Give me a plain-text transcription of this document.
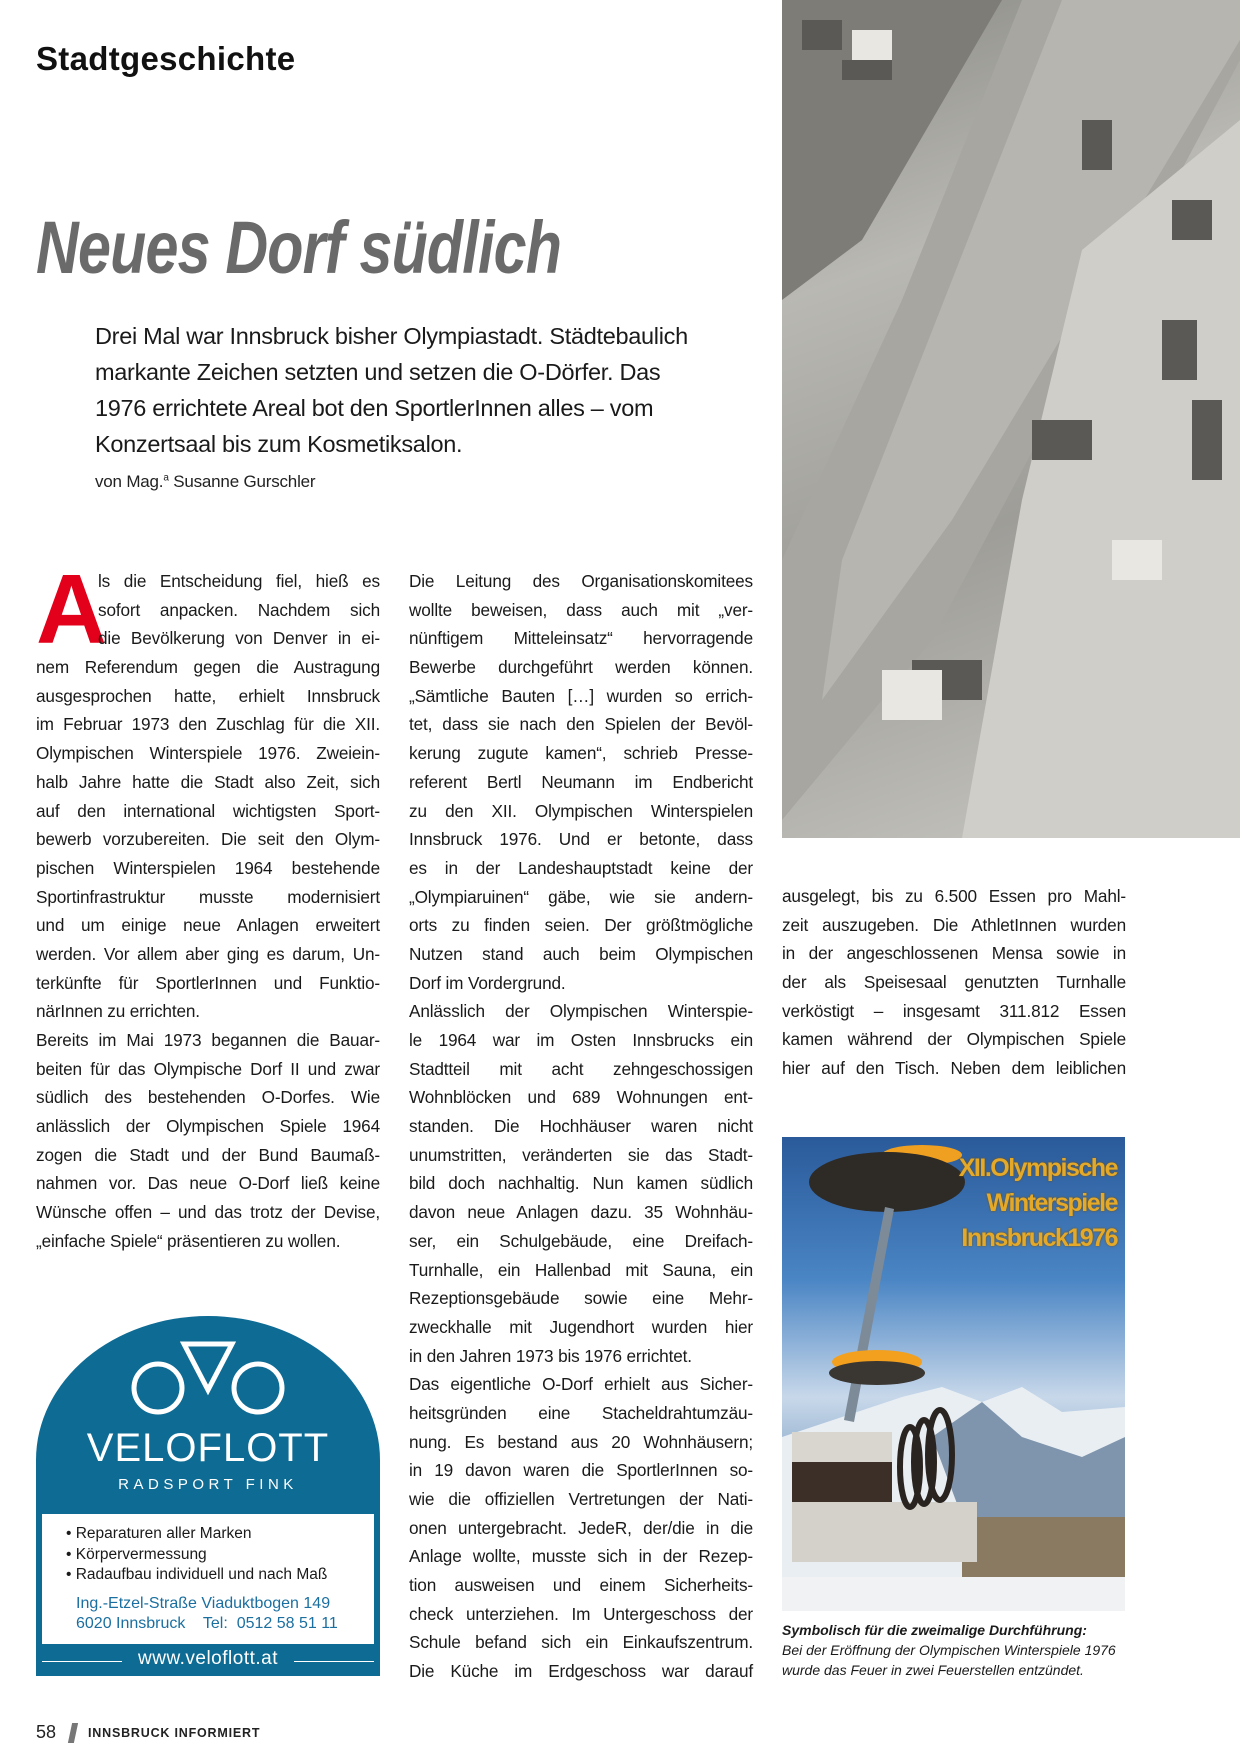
Stadtgeschichte
Neues Dorf südlich
Drei Mal war Innsbruck bisher Olympiastadt. Städtebaulich
markante Zeichen setzten und setzen die O-Dörfer. Das
1976 errichtete Areal bot den SportlerInnen alles – vom
Konzertsaal bis zum Kosmetiksalon.
von Mag.$^a$ Susanne Gurschler
A
ls die Entscheidung fiel, hieß es
sofort anpacken. Nachdem sich
die Bevölkerung von Denver in ei-
nem Referendum gegen die Austragung
ausgesprochen hatte, erhielt Innsbruck
im Februar 1973 den Zuschlag für die XII.
Olympischen Winterspiele 1976. Zweiein-
halb Jahre hatte die Stadt also Zeit, sich
auf den international wichtigsten Sport-
bewerb vorzubereiten. Die seit den Olym-
pischen Winterspielen 1964 bestehende
Sportinfrastruktur musste modernisiert
und um einige neue Anlagen erweitert
werden. Vor allem aber ging es darum, Un-
terkünfte für SportlerInnen und Funktio-
närInnen zu errichten.
Bereits im Mai 1973 begannen die Bauar-
beiten für das Olympische Dorf II und zwar
südlich des bestehenden O-Dorfes. Wie
anlässlich der Olympischen Spiele 1964
zogen die Stadt und der Bund Baumaß-
nahmen vor. Das neue O-Dorf ließ keine
Wünsche offen – und das trotz der Devise,
„einfache Spiele“ präsentieren zu wollen.
Die Leitung des Organisationskomitees
wollte beweisen, dass auch mit „ver-
nünftigem Mitteleinsatz“ hervorragende
Bewerbe durchgeführt werden können.
„Sämtliche Bauten […] wurden so errich-
tet, dass sie nach den Spielen der Bevöl-
kerung zugute kamen“, schrieb Presse-
referent Bertl Neumann im Endbericht
zu den XII. Olympischen Winterspielen
Innsbruck 1976. Und er betonte, dass
es in der Landeshauptstadt keine der
„Olympiaruinen“ gäbe, wie sie andern-
orts zu finden seien. Der größtmögliche
Nutzen stand auch beim Olympischen
Dorf im Vordergrund.
Anlässlich der Olympischen Winterspie-
le 1964 war im Osten Innsbrucks ein
Stadtteil mit acht zehngeschossigen
Wohnblöcken und 689 Wohnungen ent-
standen. Die Hochhäuser waren nicht
unumstritten, veränderten sie das Stadt-
bild doch nachhaltig. Nun kamen südlich
davon neue Anlagen dazu. 35 Wohnhäu-
ser, ein Schulgebäude, eine Dreifach-
Turnhalle, ein Hallenbad mit Sauna, ein
Rezeptionsgebäude sowie eine Mehr-
zweckhalle mit Jugendhort wurden hier
in den Jahren 1973 bis 1976 errichtet.
Das eigentliche O-Dorf erhielt aus Sicher-
heitsgründen eine Stacheldrahtumzäu-
nung. Es bestand aus 20 Wohnhäusern;
in 19 davon waren die SportlerInnen so-
wie die offiziellen Vertretungen der Nati-
onen untergebracht. JedeR, der/die in die
Anlage wollte, musste sich in der Rezep-
tion ausweisen und einem Sicherheits-
check unterziehen. Im Untergeschoss der
Schule befand sich ein Einkaufszentrum.
Die Küche im Erdgeschoss war darauf
ausgelegt, bis zu 6.500 Essen pro Mahl-
zeit auszugeben. Die AthletInnen wurden
in der angeschlossenen Mensa sowie in
der als Speisesaal genutzten Turnhalle
verköstigt – insgesamt 311.812 Essen
kamen während der Olympischen Spiele
hier auf den Tisch. Neben dem leiblichen
XII.Olympische
Winterspiele
Innsbruck1976
Symbolisch für die zweimalige Durchführung:
Bei der Eröffnung der Olympischen Winterspiele 1976 wurde das Feuer in zwei Feuerstellen entzündet.
VELOFLOTT
RADSPORT FINK
• Reparaturen aller Marken
• Körpervermessung
• Radaufbau individuell und nach Maß
Ing.-Etzel-Straße Viaduktbogen 149
6020 Innsbruck    Tel:  0512 58 51 11
www.veloflott.at
58	INNSBRUCK INFORMIERT
